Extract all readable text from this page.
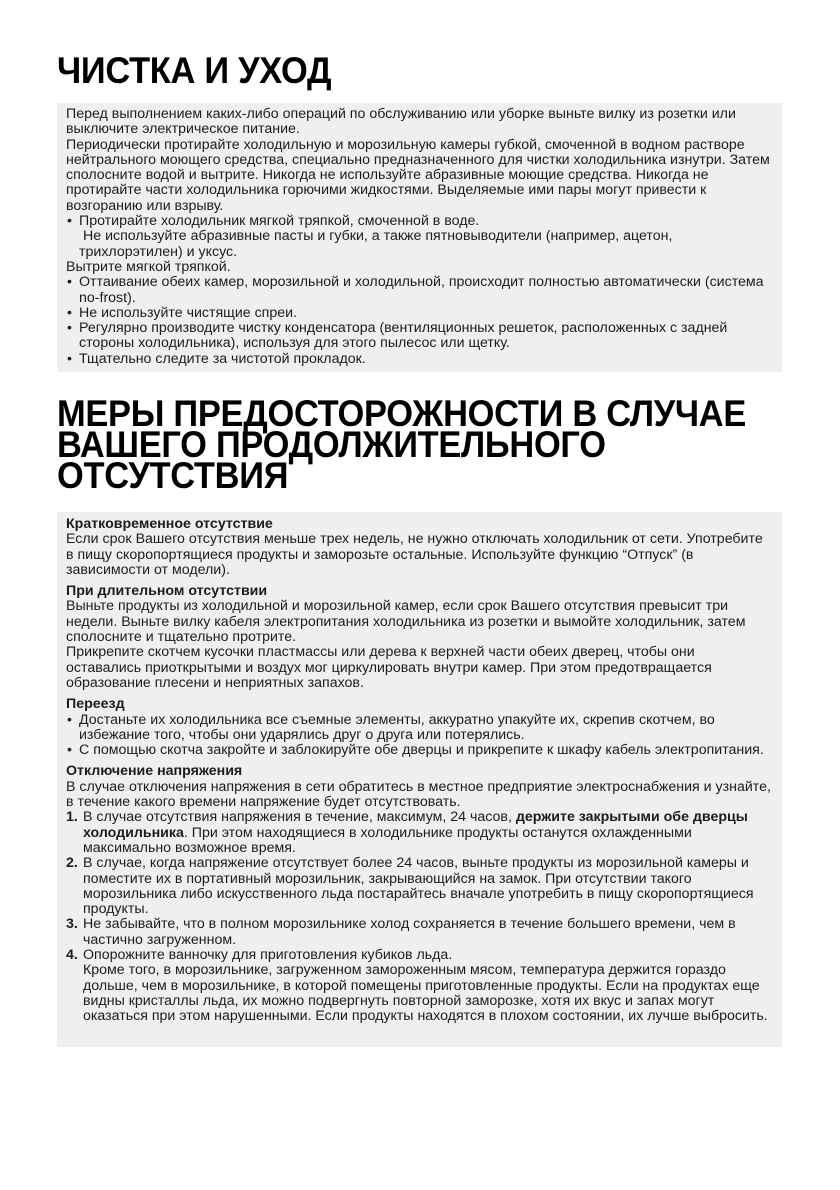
ЧИСТКА И УХОД

Перед выполнением каких-либо операций по обслуживанию или уборке выньте вилку из розетки или выключите электрическое питание.

Периодически протирайте холодильную и морозильную камеры губкой, смоченной в водном растворе нейтрального моющего средства, специально предназначенного для чистки холодильника изнутри. Затем сполосните водой и вытрите. Никогда не используйте абразивные моющие средства. Никогда не протирайте части холодильника горючими жидкостями. Выделяемые ими пары могут привести к возгоранию или взрыву.

• Протирайте холодильник мягкой тряпкой, смоченной в воде.
Не используйте абразивные пасты и губки, а также пятновыводители (например, ацетон, трихлорэтилен) и уксус.

Вытрите мягкой тряпкой.

• Оттаивание обеих камер, морозильной и холодильной, происходит полностью автоматически (система no-frost).
• Не используйте чистящие спреи.
• Регулярно производите чистку конденсатора (вентиляционных решеток, расположенных с задней стороны холодильника), используя для этого пылесос или щетку.
• Тщательно следите за чистотой прокладок.
МЕРЫ ПРЕДОСТОРОЖНОСТИ В СЛУЧАЕ
ВАШЕГО ПРОДОЛЖИТЕЛЬНОГО
ОТСУТСТВИЯ

Кратковременное отсутствие

Если срок Вашего отсутствия меньше трех недель, не нужно отключать холодильник от сети. Употребите в пищу скоропортящиеся продукты и заморозьте остальные. Используйте функцию “Отпуск” (в зависимости от модели).

При длительном отсутствии

Выньте продукты из холодильной и морозильной камер, если срок Вашего отсутствия превысит три недели. Выньте вилку кабеля электропитания холодильника из розетки и вымойте холодильник, затем сполосните и тщательно протрите.

Прикрепите скотчем кусочки пластмассы или дерева к верхней части обеих дверец, чтобы они оставались приоткрытыми и воздух мог циркулировать внутри камер. При этом предотвращается образование плесени и неприятных запахов.

Переезд

• Достаньте их холодильника все съемные элементы, аккуратно упакуйте их, скрепив скотчем, во избежание того, чтобы они ударялись друг о друга или потерялись.
• С помощью скотча закройте и заблокируйте обе дверцы и прикрепите к шкафу кабель электропитания.

Отключение напряжения

В случае отключения напряжения в сети обратитесь в местное предприятие электроснабжения и узнайте, в течение какого времени напряжение будет отсутствовать.

1. В случае отсутствия напряжения в течение, максимум, 24 часов, держите закрытыми обе дверцы холодильника. При этом находящиеся в холодильнике продукты останутся охлажденными максимально возможное время.
2. В случае, когда напряжение отсутствует более 24 часов, выньте продукты из морозильной камеры и поместите их в портативный морозильник, закрывающийся на замок. При отсутствии такого морозильника либо искусственного льда постарайтесь вначале употребить в пищу скоропортящиеся продукты.
3. Не забывайте, что в полном морозильнике холод сохраняется в течение большего времени, чем в частично загруженном.
4. Опорожните ванночку для приготовления кубиков льда.
Кроме того, в морозильнике, загруженном замороженным мясом, температура держится гораздо дольше, чем в морозильнике, в которой помещены приготовленные продукты. Если на продуктах еще видны кристаллы льда, их можно подвергнуть повторной заморозке, хотя их вкус и запах могут оказаться при этом нарушенными. Если продукты находятся в плохом состоянии, их лучше выбросить.
